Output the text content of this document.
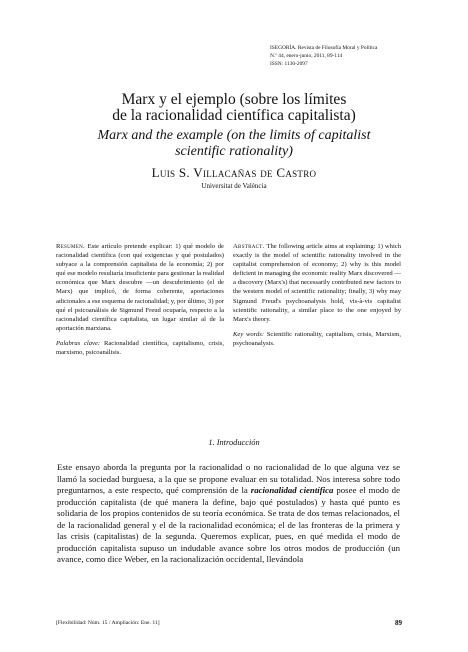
ISEGORÍA. Revista de Filosofía Moral y Política
N.º 44, enero-junio, 2011, 89-114
ISSN: 1130-2097
Marx y el ejemplo (sobre los límites
de la racionalidad científica capitalista)
Marx and the example (on the limits of capitalist
scientific rationality)
Luis S. Villacañas de Castro
Universitat de València
Resumen. Este artículo pretende explicar: 1) qué modelo de racionalidad científica (con qué exigencias y qué postulados) subyace a la comprensión capitalista de la economía; 2) por qué ese modelo resultaría insuficiente para gestionar la realidad económica que Marx descubre —un descubrimiento (el de Marx) que implicó, de forma coherente, aportaciones adicionales a ese esquema de racionalidad; y, por último, 3) por qué el psicoanálisis de Sigmund Freud ocuparía, respecto a la racionalidad científica capitalista, un lugar similar al de la aportación marxiana.
Palabras clave: Racionalidad científica, capitalismo, crisis, marxismo, psicoanálisis.
Abstract. The following article aims at explaining: 1) which exactly is the model of scientific rationality involved in the capitalist comprehension of economy; 2) why is this model deficient in managing the economic reality Marx discovered —a discovery (Marx's) that necessarily contributed new factors to the western model of scientific rationality; finally, 3) why may Sigmund Freud's psychoanalysis hold, vis-à-vis capitalist scientific rationality, a similar place to the one enjoyed by Marx's theory.
Key words: Scientific rationality, capitalism, crisis, Marxism, psychoanalysis.
1. Introducción
Este ensayo aborda la pregunta por la racionalidad o no racionalidad de lo que alguna vez se llamó la sociedad burguesa, a la que se propone evaluar en su totalidad. Nos interesa sobre todo preguntarnos, a este respecto, qué comprensión de la racionalidad científica posee el modo de producción capitalista (de qué manera la define, bajo qué postulados) y hasta qué punto es solidaria de los propios contenidos de su teoría económica. Se trata de dos temas relacionados, el de la racionalidad general y el de la racionalidad económica; el de las fronteras de la primera y las crisis (capitalistas) de la segunda. Queremos explicar, pues, en qué medida el modo de producción capitalista supuso un indudable avance sobre los otros modos de producción (un avance, como dice Weber, en la racionalización occidental, llevándola
[Flexibilidad: Núm. 15 / Ampliación: Ene. 11]	89
